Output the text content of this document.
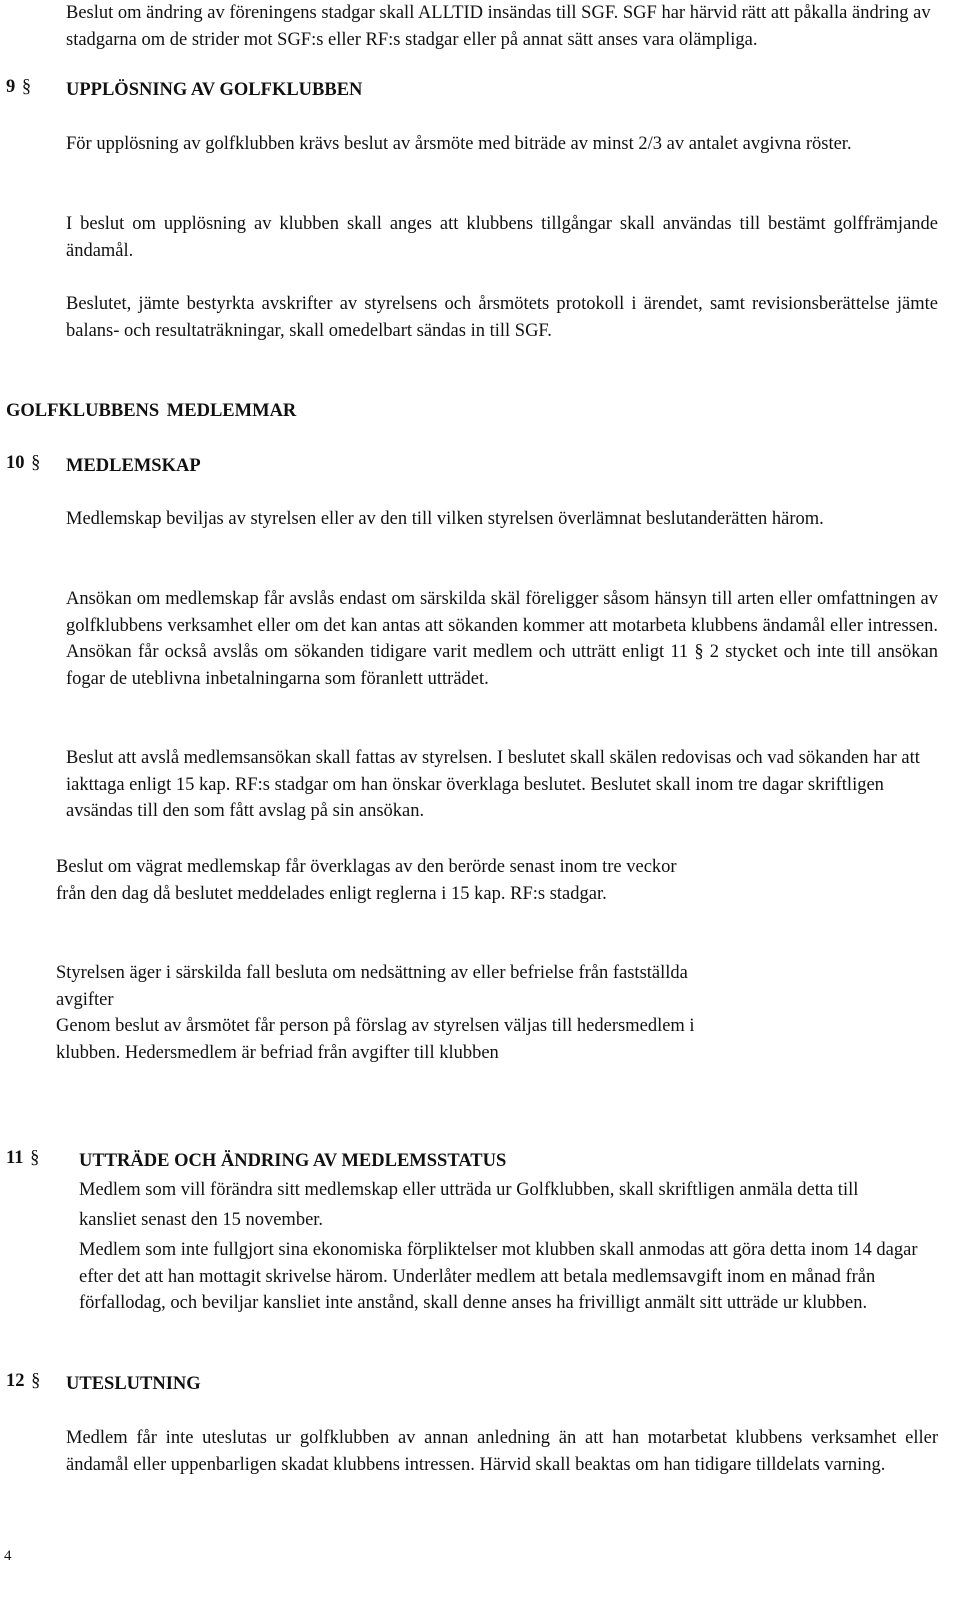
Beslut om ändring av föreningens stadgar skall ALLTID insändas till SGF. SGF har härvid rätt att påkalla ändring av stadgarna om de strider mot SGF:s eller RF:s stadgar eller på annat sätt anses vara olämpliga.

9 § UPPLÖSNING AV GOLFKLUBBEN

För upplösning av golfklubben krävs beslut av årsmöte med biträde av minst 2/3 av antalet avgivna röster.

I beslut om upplösning av klubben skall anges att klubbens tillgångar skall användas till bestämt golffrämjande ändamål.

Beslutet, jämte bestyrkta avskrifter av styrelsens och årsmötets protokoll i ärendet, samt revisionsberättelse jämte balans- och resultaträkningar, skall omedelbart sändas in till SGF.

GOLFKLUBBENS MEDLEMMAR
10 § MEDLEMSKAP

Medlemskap beviljas av styrelsen eller av den till vilken styrelsen överlämnat beslutanderätten härom.

Ansökan om medlemskap får avslås endast om särskilda skäl föreligger såsom hänsyn till arten eller omfattningen av golfklubbens verksamhet eller om det kan antas att sökanden kommer att motarbeta klubbens ändamål eller intressen. Ansökan får också avslås om sökanden tidigare varit medlem och utträtt enligt 11 § 2 stycket och inte till ansökan fogar de uteblivna inbetalningarna som föranlett utträdet.

Beslut att avslå medlemsansökan skall fattas av styrelsen. I beslutet skall skälen redovisas och vad sökanden har att iakttaga enligt 15 kap. RF:s stadgar om han önskar överklaga beslutet. Beslutet skall inom tre dagar skriftligen avsändas till den som fått avslag på sin ansökan.

Beslut om vägrat medlemskap får överklagas av den berörde senast inom tre veckor från den dag då beslutet meddelades enligt reglerna i 15 kap. RF:s stadgar.

Styrelsen äger i särskilda fall besluta om nedsättning av eller befrielse från fastställda avgifter

Genom beslut av årsmötet får person på förslag av styrelsen väljas till hedersmedlem i klubben. Hedersmedlem är befriad från avgifter till klubben

11 § UTTRÄDE OCH ÄNDRING AV MEDLEMSSTATUS

Medlem som vill förändra sitt medlemskap eller utträda ur Golfklubben, skall skriftligen anmäla detta till kansliet senast den 15 november.

Medlem som inte fullgjort sina ekonomiska förpliktelser mot klubben skall anmodas att göra detta inom 14 dagar efter det att han mottagit skrivelse härom. Underlåter medlem att betala medlemsavgift inom en månad från förfallodag, och beviljar kansliet inte anstånd, skall denne anses ha frivilligt anmält sitt utträde ur klubben.

12 § UTESLUTNING

Medlem får inte uteslutas ur golfklubben av annan anledning än att han motarbetat klubbens verksamhet eller ändamål eller uppenbarligen skadat klubbens intressen. Härvid skall beaktas om han tidigare tilldelats varning.

4
